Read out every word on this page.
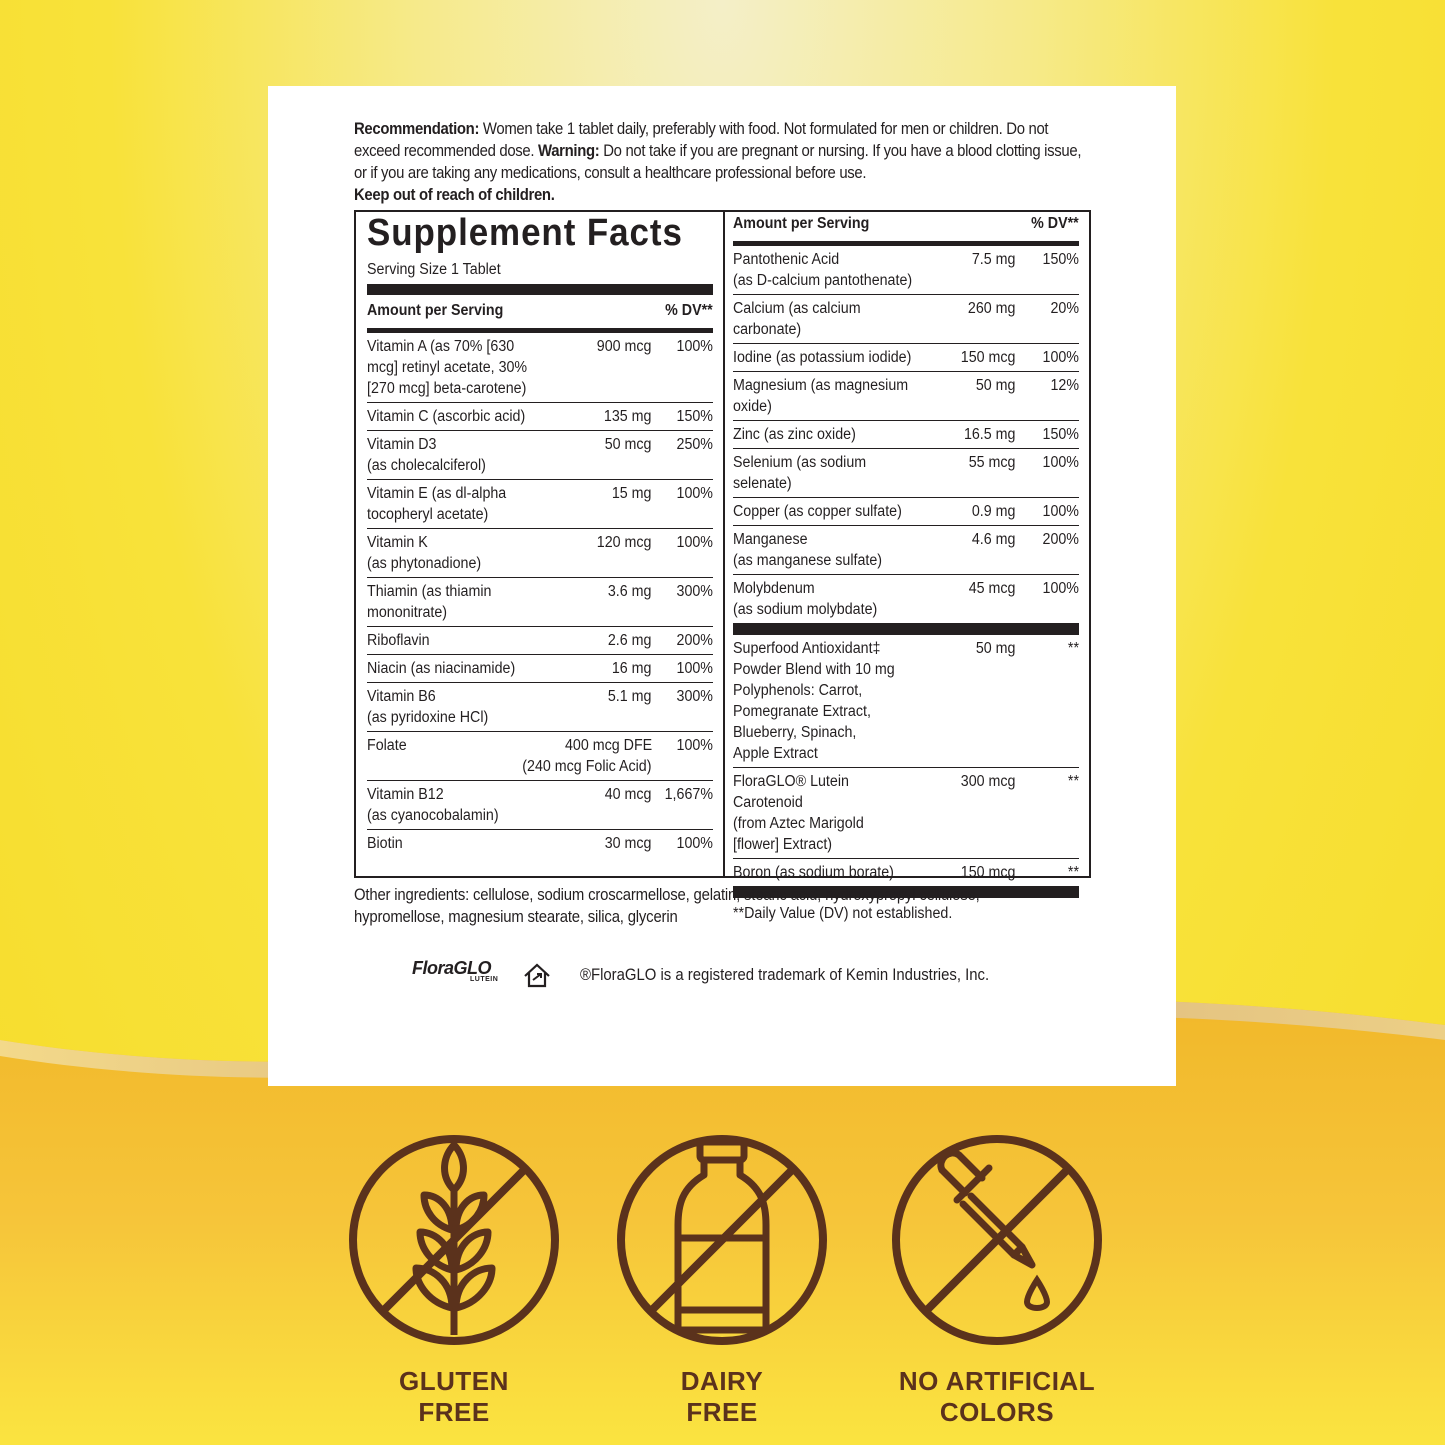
Recommendation: Women take 1 tablet daily, preferably with food. Not formulated for men or children. Do not exceed recommended dose. Warning: Do not take if you are pregnant or nursing. If you have a blood clotting issue, or if you are taking any medications, consult a healthcare professional before use.
Keep out of reach of children.

Supplement Facts
Serving Size 1 Tablet
Amount per Serving	% DV**
Vitamin A (as 70% [630
mcg] retinyl acetate, 30%
[270 mcg] beta-carotene)
900 mcg	100%
Vitamin C (ascorbic acid)	135 mg	150%
Vitamin D3
(as cholecalciferol)
50 mcg	250%
Vitamin E (as dl-alpha
tocopheryl acetate)
15 mg	100%
Vitamin K
(as phytonadione)
120 mcg	100%
Thiamin (as thiamin
mononitrate)
3.6 mg	300%
Riboflavin	2.6 mg	200%
Niacin (as niacinamide)	16 mg	100%
Vitamin B6
(as pyridoxine HCl)
5.1 mg	300%
Folate	400 mcg DFE	100%
(240 mcg Folic Acid)
Vitamin B12
(as cyanocobalamin)
40 mcg 1,667%
Biotin	30 mcg	100%
Amount per Serving	% DV**
Pantothenic Acid
(as D-calcium pantothenate)
7.5 mg	150%
Calcium (as calcium
carbonate)
260 mg	20%
Iodine (as potassium iodide)	150 mcg	100%
Magnesium (as magnesium oxide)
50 mg	12%
Zinc (as zinc oxide)	16.5 mg	150%
Selenium (as sodium selenate)
55 mcg	100%
Copper (as copper sulfate)	0.9 mg	100%
Manganese
(as manganese sulfate)
4.6 mg	200%
Molybdenum
(as sodium molybdate)
45 mcg	100%
Superfood Antioxidant‡
Powder Blend with 10 mg
Polyphenols: Carrot,
Pomegranate Extract,
Blueberry, Spinach,
Apple Extract
50 mg	**
FloraGLO® Lutein Carotenoid
(from Aztec Marigold
[flower] Extract)
300 mcg	**
Boron (as sodium borate)	150 mcg	**
**Daily Value (DV) not established.

Other ingredients: cellulose, sodium croscarmellose, gelatin, stearic acid, hydroxypropyl cellulose, hypromellose, magnesium stearate, silica, glycerin

FloraGLO
LUTEIN	®FloraGLO is a registered trademark of Kemin Industries, Inc.
GLUTEN
FREE
DAIRY
FREE
NO ARTIFICIAL
COLORS
